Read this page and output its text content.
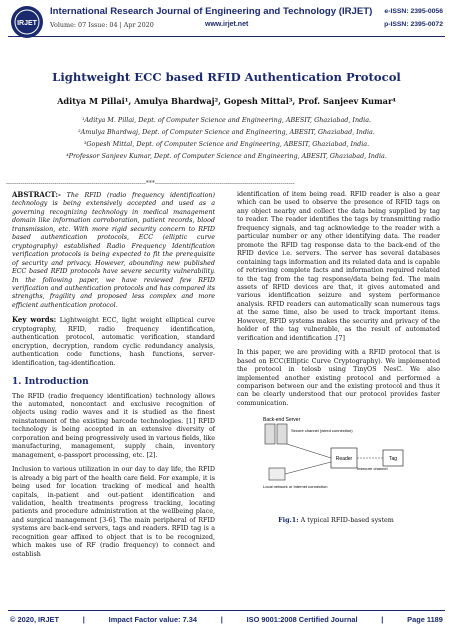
IRJET
International Research Journal of Engineering and Technology (IRJET)
Volume: 07 Issue: 04 | Apr 2020	www.irjet.net
e-ISSN: 2395-0056
p-ISSN: 2395-0072
Lightweight ECC based RFID Authentication Protocol
Aditya M Pillai¹, Amulya Bhardwaj², Gopesh Mittal³, Prof. Sanjeev Kumar⁴
¹Aditya M. Pillai, Dept. of Computer Science and Engineering, ABESIT, Ghaziabad, India.
²Amulya Bhardwaj, Dept. of Computer Science and Engineering, ABESIT, Ghaziabad, India.
³Gopesh Mittal, Dept. of Computer Science and Engineering, ABESIT, Ghaziabad, India.
⁴Professor Sanjeev Kumar, Dept. of Computer Science and Engineering, ABESIT, Ghaziabad, India.
---------------------------------------------------------------------***---------------------------------------------------------------------

ABSTRACT:- The RFID (radio frequency identification) technology is being extensively accepted and used as a governing recognizing technology in medical management domain like information corroboration, patient records, blood transmission, etc. With more rigid security concern to RFID based authentication protocols, ECC (elliptic curve cryptography) established Radio Frequency Identification verification protocols is being expected to fit the prerequisite of security and privacy. However, abounding new published ECC based RFID protocols have severe security vulnerability. In the following paper, we have reviewed few RFID verification and authentication protocols and has compared its strengths, fragility and proposed less complex and more efficient authentication protocol.

Key words: Lightweight ECC, light weight elliptical curve cryptography, RFID, radio frequency identification, authentication protocol, automatic verification, standard encryption, decryption, random cyclic redundancy analysis, authentication code functions, hash functions, server-identification, tag-identification.

1. Introduction

The RFID (radio frequency identification) technology allows the automated, noncontact and exclusive recognition of objects using radio waves and it is studied as the finest reinstatement of the existing barcode technologies. [1] RFID technology is being accepted in an extensive diversity of corporation and being progressively used in various fields, like manufacturing, management, supply chain, inventory management, e-passport processing, etc. [2].

Inclusion to various utilization in our day to day life, the RFID is already a big part of the health care field. For example, it is being used for location tracking of medical and health capitals, in-patient and out-patient identification and validation, health treatments progress tracking, locating patients and procedure administration at the wellbeing place, and surgical management [3-6]. The main peripheral of RFID systems are back-end servers, tags and readers. RFID tag is a recognition gear affixed to object that is to be recognized, which makes use of RF (radio frequency) to connect and establish

identification of item being read. RFID reader is also a gear which can be used to observe the presence of RFID tags on any object nearby and collect the data being supplied by tag to reader. The reader identifies the tags by transmitting radio frequency signals, and tag acknowledge to the reader with a particular number or any other identifying data. The reader promote the RFID tag response data to the back-end of the RFID device i.e. servers. The server has several databases containing tags information and its related data and is capable of retrieving complete facts and information required related to the tag from the tag response/data being fed. The main assets of RFID devices are that, it gives automated and various identification seizure and system performance analysis. RFID readers can automatically scan numerous tags at the same time, also be used to track important items. However, RFID systems makes the security and privacy of the holder of the tag vulnerable, as the result of automated verification and identification .[7]

In this paper, we are providing with a RFID protocol that is based on ECC(Elliptic Curve Cryptography). We implemented the protocol in telosb using TinyOS NesC. We also implemented another existing protocol and performed a comparison between our and the existing protocol and thus it can be clearly understood that our protocol provides faster communication.

Back-end Server
Secure channel (wired connection)
Reader
Insecure channel
Tag
Local network or Internet connection
Fig.1: A typical RFID-based system
© 2020, IRJET	|	Impact Factor value: 7.34	|	ISO 9001:2008 Certified Journal	|	Page 1189
